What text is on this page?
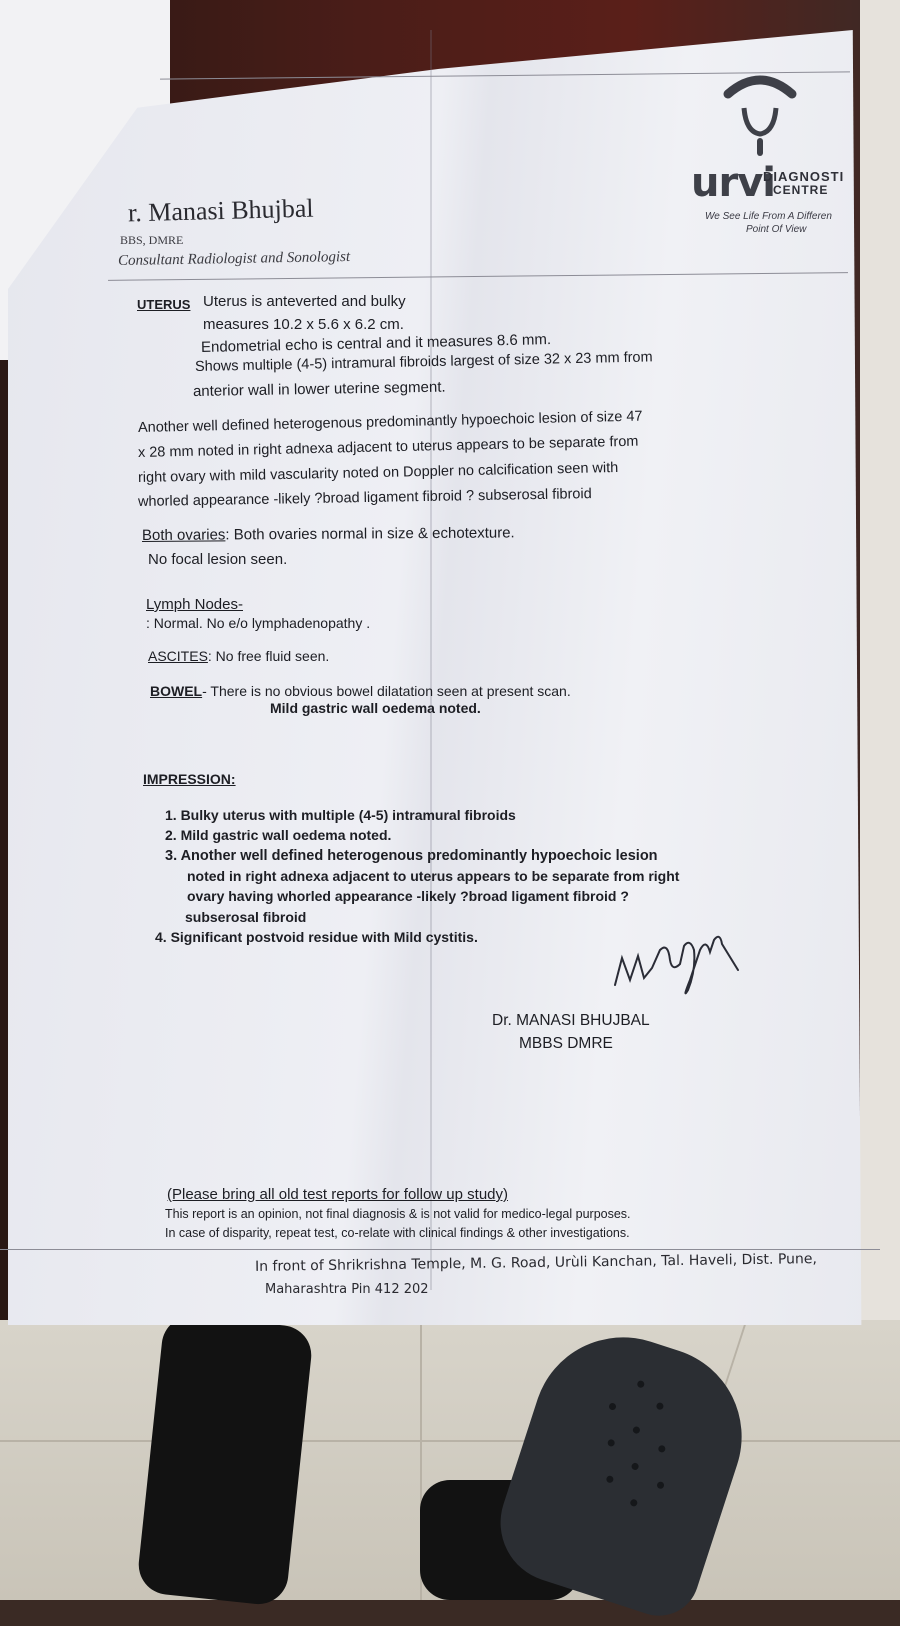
r. Manasi Bhujbal
BBS, DMRE
Consultant Radiologist and Sonologist
urvi
DIAGNOSTI
CENTRE
We See Life From A Differen
Point Of View
UTERUS Uterus is anteverted and bulky
measures 10.2 x 5.6 x 6.2 cm.
Endometrial echo is central and it measures 8.6 mm.
Shows multiple (4-5) intramural fibroids largest of size 32 x 23 mm from
anterior wall in lower uterine segment.
Another well defined heterogenous predominantly hypoechoic lesion of size 47
x 28 mm noted in right adnexa adjacent to uterus appears to be separate from
right ovary with mild vascularity noted on Doppler no calcification seen with
whorled appearance -likely ?broad ligament fibroid ? subserosal fibroid
Both ovaries: Both ovaries normal in size & echotexture.
No focal lesion seen.
Lymph Nodes-
: Normal. No e/o lymphadenopathy .
ASCITES: No free fluid seen.
BOWEL- There is no obvious bowel dilatation seen at present scan.
Mild gastric wall oedema noted.
IMPRESSION:
1. Bulky uterus with multiple (4-5) intramural fibroids
2. Mild gastric wall oedema noted.
3. Another well defined heterogenous predominantly hypoechoic lesion
noted in right adnexa adjacent to uterus appears to be separate from right
ovary having whorled appearance -likely ?broad ligament fibroid ?
subserosal fibroid
4. Significant postvoid residue with Mild cystitis.
Dr. MANASI BHUJBAL
MBBS DMRE
(Please bring all old test reports for follow up study)
This report is an opinion, not final diagnosis & is not valid for medico-legal purposes.
In case of disparity, repeat test, co-relate with clinical findings & other investigations.
In front of Shrikrishna Temple, M. G. Road, Urùli Kanchan, Tal. Haveli, Dist. Pune,
Maharashtra Pin 412 202
